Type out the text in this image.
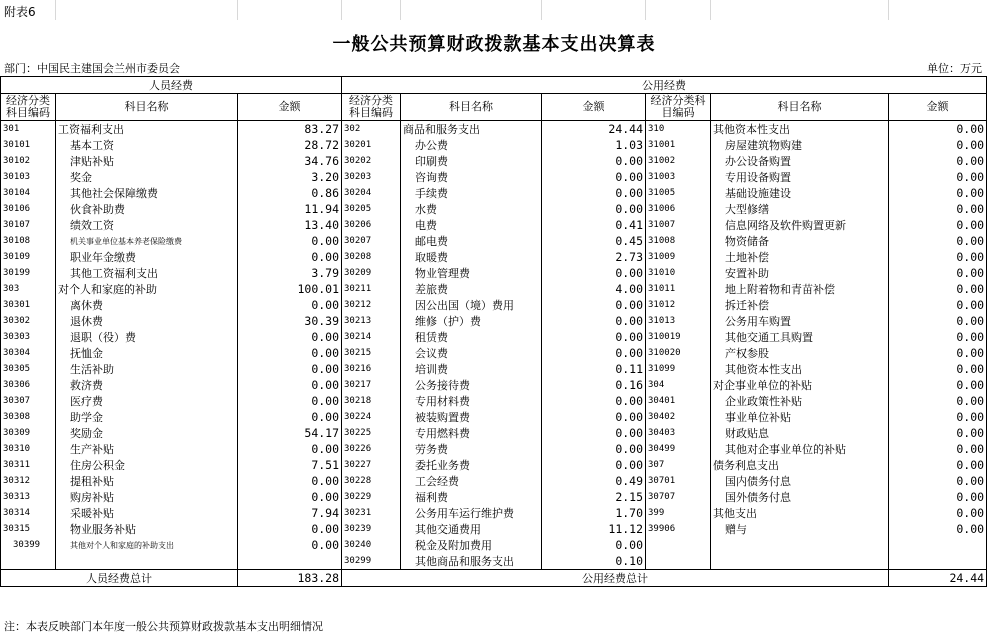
附表6
一般公共预算财政拨款基本支出决算表
部门：中国民主建国会兰州市委员会	单位：万元
人员经费			公用经费					
经济分类科目编码	科目名称	金额	经济分类科目编码	科目名称	金额	经济分类科目编码	科目名称	金额
301	工资福利支出	83.27	302	商品和服务支出	24.44	310	其他资本性支出	0.00
30101	基本工资	28.72	30201	办公费	1.03	31001	房屋建筑物购建	0.00
30102	津贴补贴	34.76	30202	印刷费	0.00	31002	办公设备购置	0.00
30103	奖金	3.20	30203	咨询费	0.00	31003	专用设备购置	0.00
30104	其他社会保障缴费	0.86	30204	手续费	0.00	31005	基础设施建设	0.00
30106	伙食补助费	11.94	30205	水费	0.00	31006	大型修缮	0.00
30107	绩效工资	13.40	30206	电费	0.41	31007	信息网络及软件购置更新	0.00
30108	机关事业单位基本养老保险缴费	0.00	30207	邮电费	0.45	31008	物资储备	0.00
30109	职业年金缴费	0.00	30208	取暖费	2.73	31009	土地补偿	0.00
30199	其他工资福利支出	3.79	30209	物业管理费	0.00	31010	安置补助	0.00
303	对个人和家庭的补助	100.01	30211	差旅费	4.00	31011	地上附着物和青苗补偿	0.00
30301	离休费	0.00	30212	因公出国（境）费用	0.00	31012	拆迁补偿	0.00
30302	退休费	30.39	30213	维修（护）费	0.00	31013	公务用车购置	0.00
30303	退职（役）费	0.00	30214	租赁费	0.00	310019	其他交通工具购置	0.00
30304	抚恤金	0.00	30215	会议费	0.00	310020	产权参股	0.00
30305	生活补助	0.00	30216	培训费	0.11	31099	其他资本性支出	0.00
30306	救济费	0.00	30217	公务接待费	0.16	304	对企事业单位的补贴	0.00
30307	医疗费	0.00	30218	专用材料费	0.00	30401	企业政策性补贴	0.00
30308	助学金	0.00	30224	被装购置费	0.00	30402	事业单位补贴	0.00
30309	奖励金	54.17	30225	专用燃料费	0.00	30403	财政贴息	0.00
30310	生产补贴	0.00	30226	劳务费	0.00	30499	其他对企事业单位的补贴	0.00
30311	住房公积金	7.51	30227	委托业务费	0.00	307	债务利息支出	0.00
30312	提租补贴	0.00	30228	工会经费	0.49	30701	国内债务付息	0.00
30313	购房补贴	0.00	30229	福利费	2.15	30707	国外债务付息	0.00
30314	采暖补贴	7.94	30231	公务用车运行维护费	1.70	399	其他支出	0.00
30315	物业服务补贴	0.00	30239	其他交通费用	11.12	39906	赠与	0.00
30399	其他对个人和家庭的补助支出	0.00	30240	税金及附加费用	0.00			
			30299	其他商品和服务支出	0.10			
人员经费总计		183.28	公用经费总计					24.44
注：本表反映部门本年度一般公共预算财政拨款基本支出明细情况
